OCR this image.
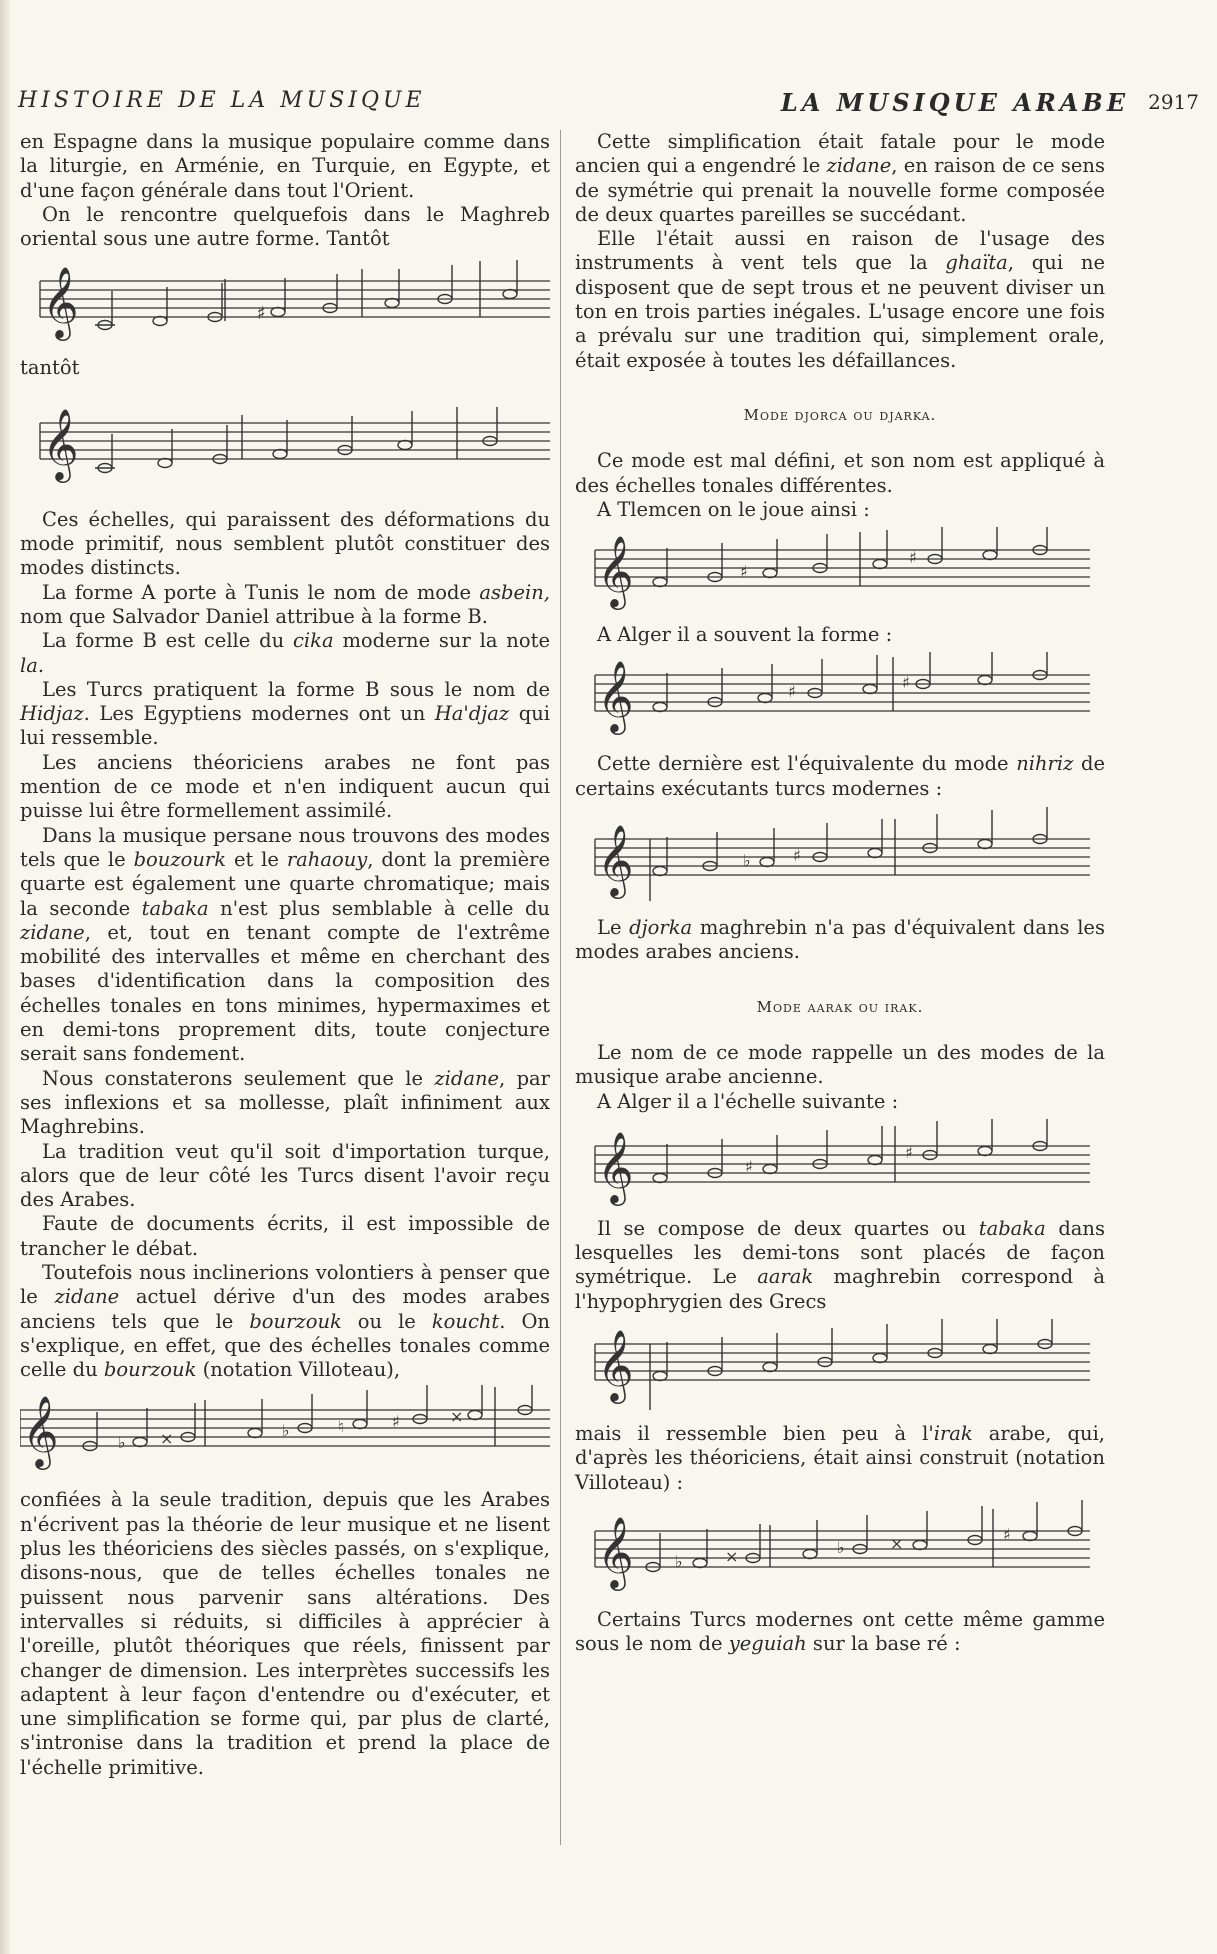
HISTOIRE DE LA MUSIQUE	LA MUSIQUE ARABE 2917

en Espagne dans la musique populaire comme dans la liturgie, en Arménie, en Turquie, en Egypte, et d'une façon générale dans tout l'Orient.

On le rencontre quelquefois dans le Maghreb oriental sous une autre forme. Tantôt

𝄞	♯

tantôt

𝄞

Ces échelles, qui paraissent des déformations du mode primitif, nous semblent plutôt constituer des modes distincts.

La forme A porte à Tunis le nom de mode asbein, nom que Salvador Daniel attribue à la forme B.

La forme B est celle du cika moderne sur la note la.

Les Turcs pratiquent la forme B sous le nom de Hidjaz. Les Egyptiens modernes ont un Ha'djaz qui lui ressemble.

Les anciens théoriciens arabes ne font pas mention de ce mode et n'en indiquent aucun qui puisse lui être formellement assimilé.

Dans la musique persane nous trouvons des modes tels que le bouzourk et le rahaouy, dont la première quarte est également une quarte chromatique; mais la seconde tabaka n'est plus semblable à celle du zidane, et, tout en tenant compte de l'extrême mobilité des intervalles et même en cherchant des bases d'identification dans la composition des échelles tonales en tons minimes, hypermaximes et en demi-tons proprement dits, toute conjecture serait sans fondement.

Nous constaterons seulement que le zidane, par ses inflexions et sa mollesse, plaît infiniment aux Maghrebins.

La tradition veut qu'il soit d'importation turque, alors que de leur côté les Turcs disent l'avoir reçu des Arabes.

Faute de documents écrits, il est impossible de trancher le débat.

Toutefois nous inclinerions volontiers à penser que le zidane actuel dérive d'un des modes arabes anciens tels que le bourzouk ou le koucht. On s'explique, en effet, que des échelles tonales comme celle du bourzouk (notation Villoteau),

𝄞	♭ ×	♭	♮	♯	×

confiées à la seule tradition, depuis que les Arabes n'écrivent pas la théorie de leur musique et ne lisent plus les théoriciens des siècles passés, on s'explique, disons-nous, que de telles échelles tonales ne puissent nous parvenir sans altérations. Des intervalles si réduits, si difficiles à apprécier à l'oreille, plutôt théoriques que réels, finissent par changer de dimension. Les interprètes successifs les adaptent à leur façon d'entendre ou d'exécuter, et une simplification se forme qui, par plus de clarté, s'intronise dans la tradition et prend la place de l'échelle primitive.

Cette simplification était fatale pour le mode ancien qui a engendré le zidane, en raison de ce sens de symétrie qui prenait la nouvelle forme composée de deux quartes pareilles se succédant.

Elle l'était aussi en raison de l'usage des instruments à vent tels que la ghaïta, qui ne disposent que de sept trous et ne peuvent diviser un ton en trois parties inégales. L'usage encore une fois a prévalu sur une tradition qui, simplement orale, était exposée à toutes les défaillances.

Mode djorca ou djarka.

Ce mode est mal défini, et son nom est appliqué à des échelles tonales différentes.

A Tlemcen on le joue ainsi :

𝄞	♯
♯

A Alger il a souvent la forme :

𝄞	♯	♯

Cette dernière est l'équivalente du mode nihriz de certains exécutants turcs modernes :

𝄞	♭	♯

Le djorka maghrebin n'a pas d'équivalent dans les modes arabes anciens.

Mode aarak ou irak.

Le nom de ce mode rappelle un des modes de la musique arabe ancienne.

A Alger il a l'échelle suivante :

𝄞	♯
♯

Il se compose de deux quartes ou tabaka dans lesquelles les demi-tons sont placés de façon symétrique. Le aarak maghrebin correspond à l'hypophrygien des Grecs

𝄞

mais il ressemble bien peu à l'irak arabe, qui, d'après les théoriciens, était ainsi construit (notation Villoteau) :

𝄞	♭	×	♭	×	♯

Certains Turcs modernes ont cette même gamme sous le nom de yeguiah sur la base ré :
